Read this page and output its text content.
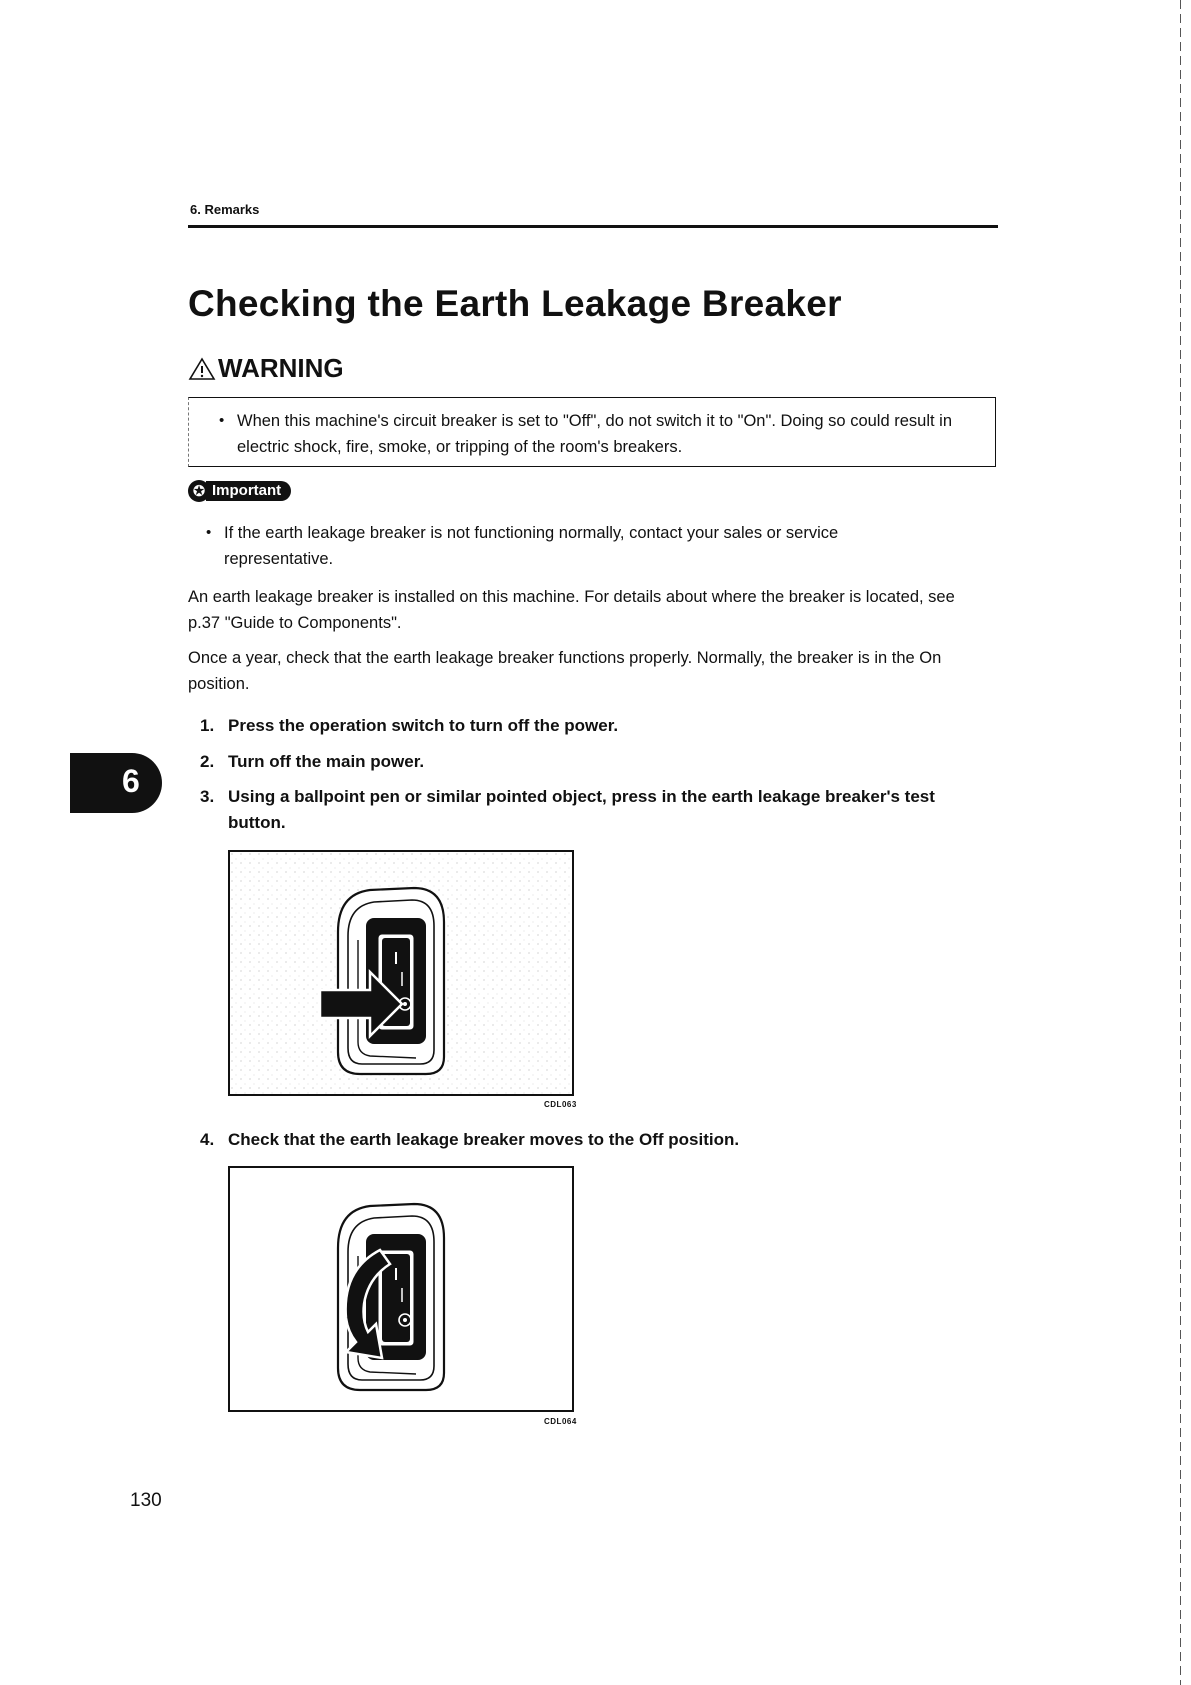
6. Remarks
Checking the Earth Leakage Breaker
WARNING
• When this machine's circuit breaker is set to "Off", do not switch it to "On". Doing so could result in electric shock, fire, smoke, or tripping of the room's breakers.
✪ Important
• If the earth leakage breaker is not functioning normally, contact your sales or service representative.

An earth leakage breaker is installed on this machine. For details about where the breaker is located, see p.37 "Guide to Components".

Once a year, check that the earth leakage breaker functions properly. Normally, the breaker is in the On position.

1. Press the operation switch to turn off the power.
2. Turn off the main power.
3. Using a ballpoint pen or similar pointed object, press in the earth leakage breaker's test button.
6
CDL063
4. Check that the earth leakage breaker moves to the Off position.
CDL064
130
